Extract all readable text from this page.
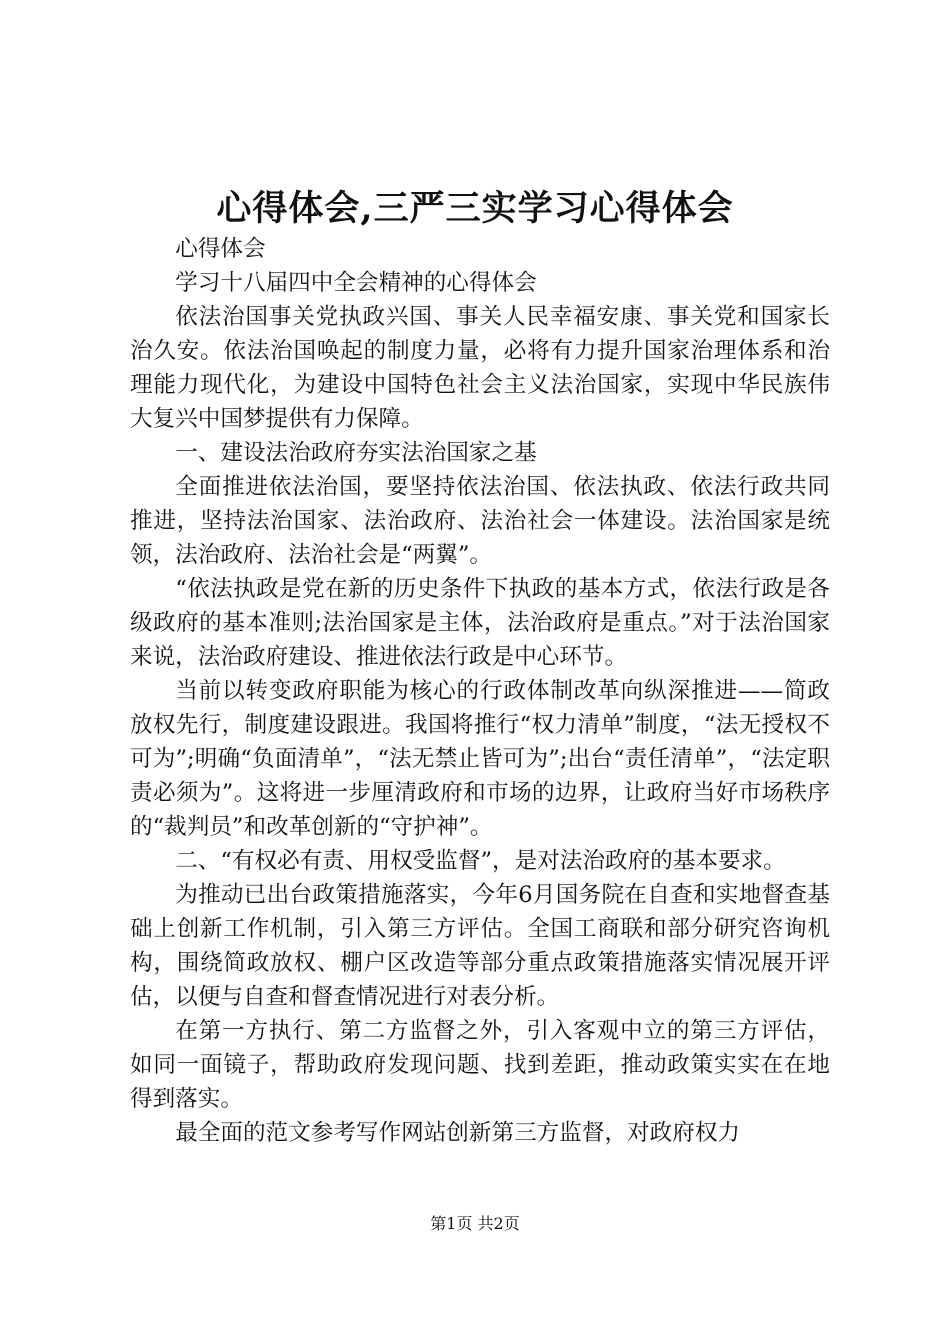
心得体会,三严三实学习心得体会

心得体会

学习十八届四中全会精神的心得体会

依法治国事关党执政兴国、事关人民幸福安康、事关党和国家长治久安。依法治国唤起的制度力量，必将有力提升国家治理体系和治理能力现代化，为建设中国特色社会主义法治国家，实现中华民族伟大复兴中国梦提供有力保障。

一、建设法治政府夯实法治国家之基

全面推进依法治国，要坚持依法治国、依法执政、依法行政共同推进，坚持法治国家、法治政府、法治社会一体建设。法治国家是统领，法治政府、法治社会是“两翼”。

“依法执政是党在新的历史条件下执政的基本方式，依法行政是各级政府的基本准则;法治国家是主体，法治政府是重点。”对于法治国家来说，法治政府建设、推进依法行政是中心环节。

当前以转变政府职能为核心的行政体制改革向纵深推进——简政放权先行，制度建设跟进。我国将推行“权力清单”制度，“法无授权不可为”;明确“负面清单”，“法无禁止皆可为”;出台“责任清单”，“法定职责必须为”。这将进一步厘清政府和市场的边界，让政府当好市场秩序的“裁判员”和改革创新的“守护神”。

二、“有权必有责、用权受监督”，是对法治政府的基本要求。

为推动已出台政策措施落实，今年6月国务院在自查和实地督查基础上创新工作机制，引入第三方评估。全国工商联和部分研究咨询机构，围绕简政放权、棚户区改造等部分重点政策措施落实情况展开评估，以便与自查和督查情况进行对表分析。

在第一方执行、第二方监督之外，引入客观中立的第三方评估，如同一面镜子，帮助政府发现问题、找到差距，推动政策实实在在地得到落实。

最全面的范文参考写作网站创新第三方监督，对政府权力

第1页 共2页
